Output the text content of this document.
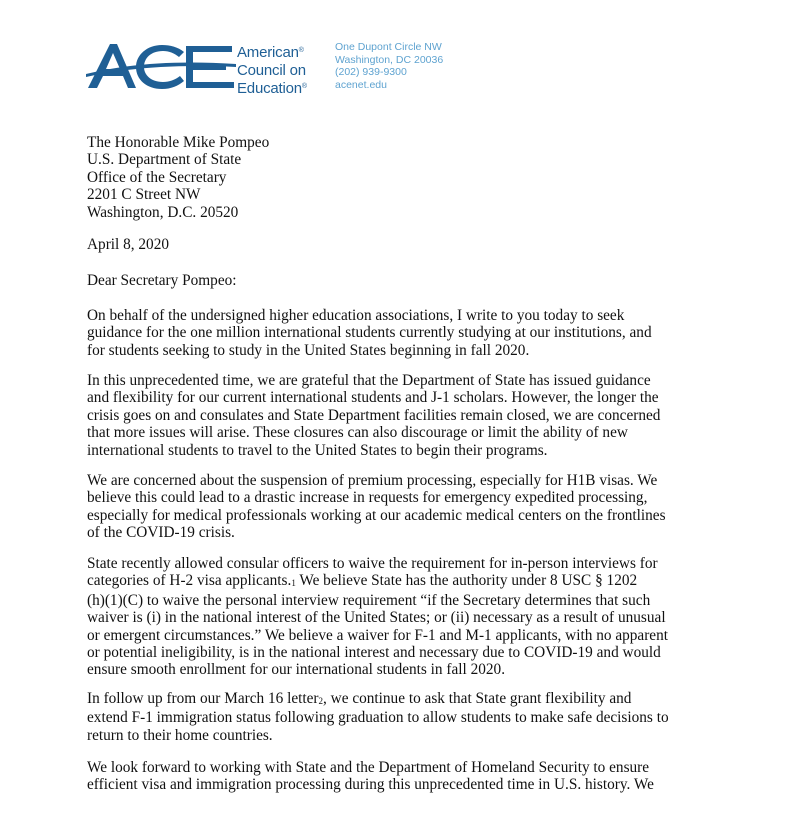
American®
Council on
Education®
One Dupont Circle NW
Washington, DC 20036
(202) 939-9300
acenet.edu
The Honorable Mike Pompeo
U.S. Department of State
Office of the Secretary
2201 C Street NW
Washington, D.C. 20520
April 8, 2020
Dear Secretary Pompeo:
On behalf of the undersigned higher education associations, I write to you today to seek
guidance for the one million international students currently studying at our institutions, and
for students seeking to study in the United States beginning in fall 2020.
In this unprecedented time, we are grateful that the Department of State has issued guidance
and flexibility for our current international students and J-1 scholars. However, the longer the
crisis goes on and consulates and State Department facilities remain closed, we are concerned
that more issues will arise. These closures can also discourage or limit the ability of new
international students to travel to the United States to begin their programs.
We are concerned about the suspension of premium processing, especially for H1B visas. We
believe this could lead to a drastic increase in requests for emergency expedited processing,
especially for medical professionals working at our academic medical centers on the frontlines
of the COVID-19 crisis.
State recently allowed consular officers to waive the requirement for in-person interviews for
categories of H-2 visa $applicants._1$ We believe State has the authority under 8 USC § 1202
(h)(1)(C) to waive the personal interview requirement “if the Secretary determines that such
waiver is (i) in the national interest of the United States; or (ii) necessary as a result of unusual
or emergent circumstances.” We believe a waiver for F-1 and M-1 applicants, with no apparent
or potential ineligibility, is in the national interest and necessary due to COVID-19 and would
ensure smooth enrollment for our international students in fall 2020.
In follow up from our March 16 letter$_2$, we continue to ask that State grant flexibility and
extend F-1 immigration status following graduation to allow students to make safe decisions to
return to their home countries.
We look forward to working with State and the Department of Homeland Security to ensure
efficient visa and immigration processing during this unprecedented time in U.S. history. We
